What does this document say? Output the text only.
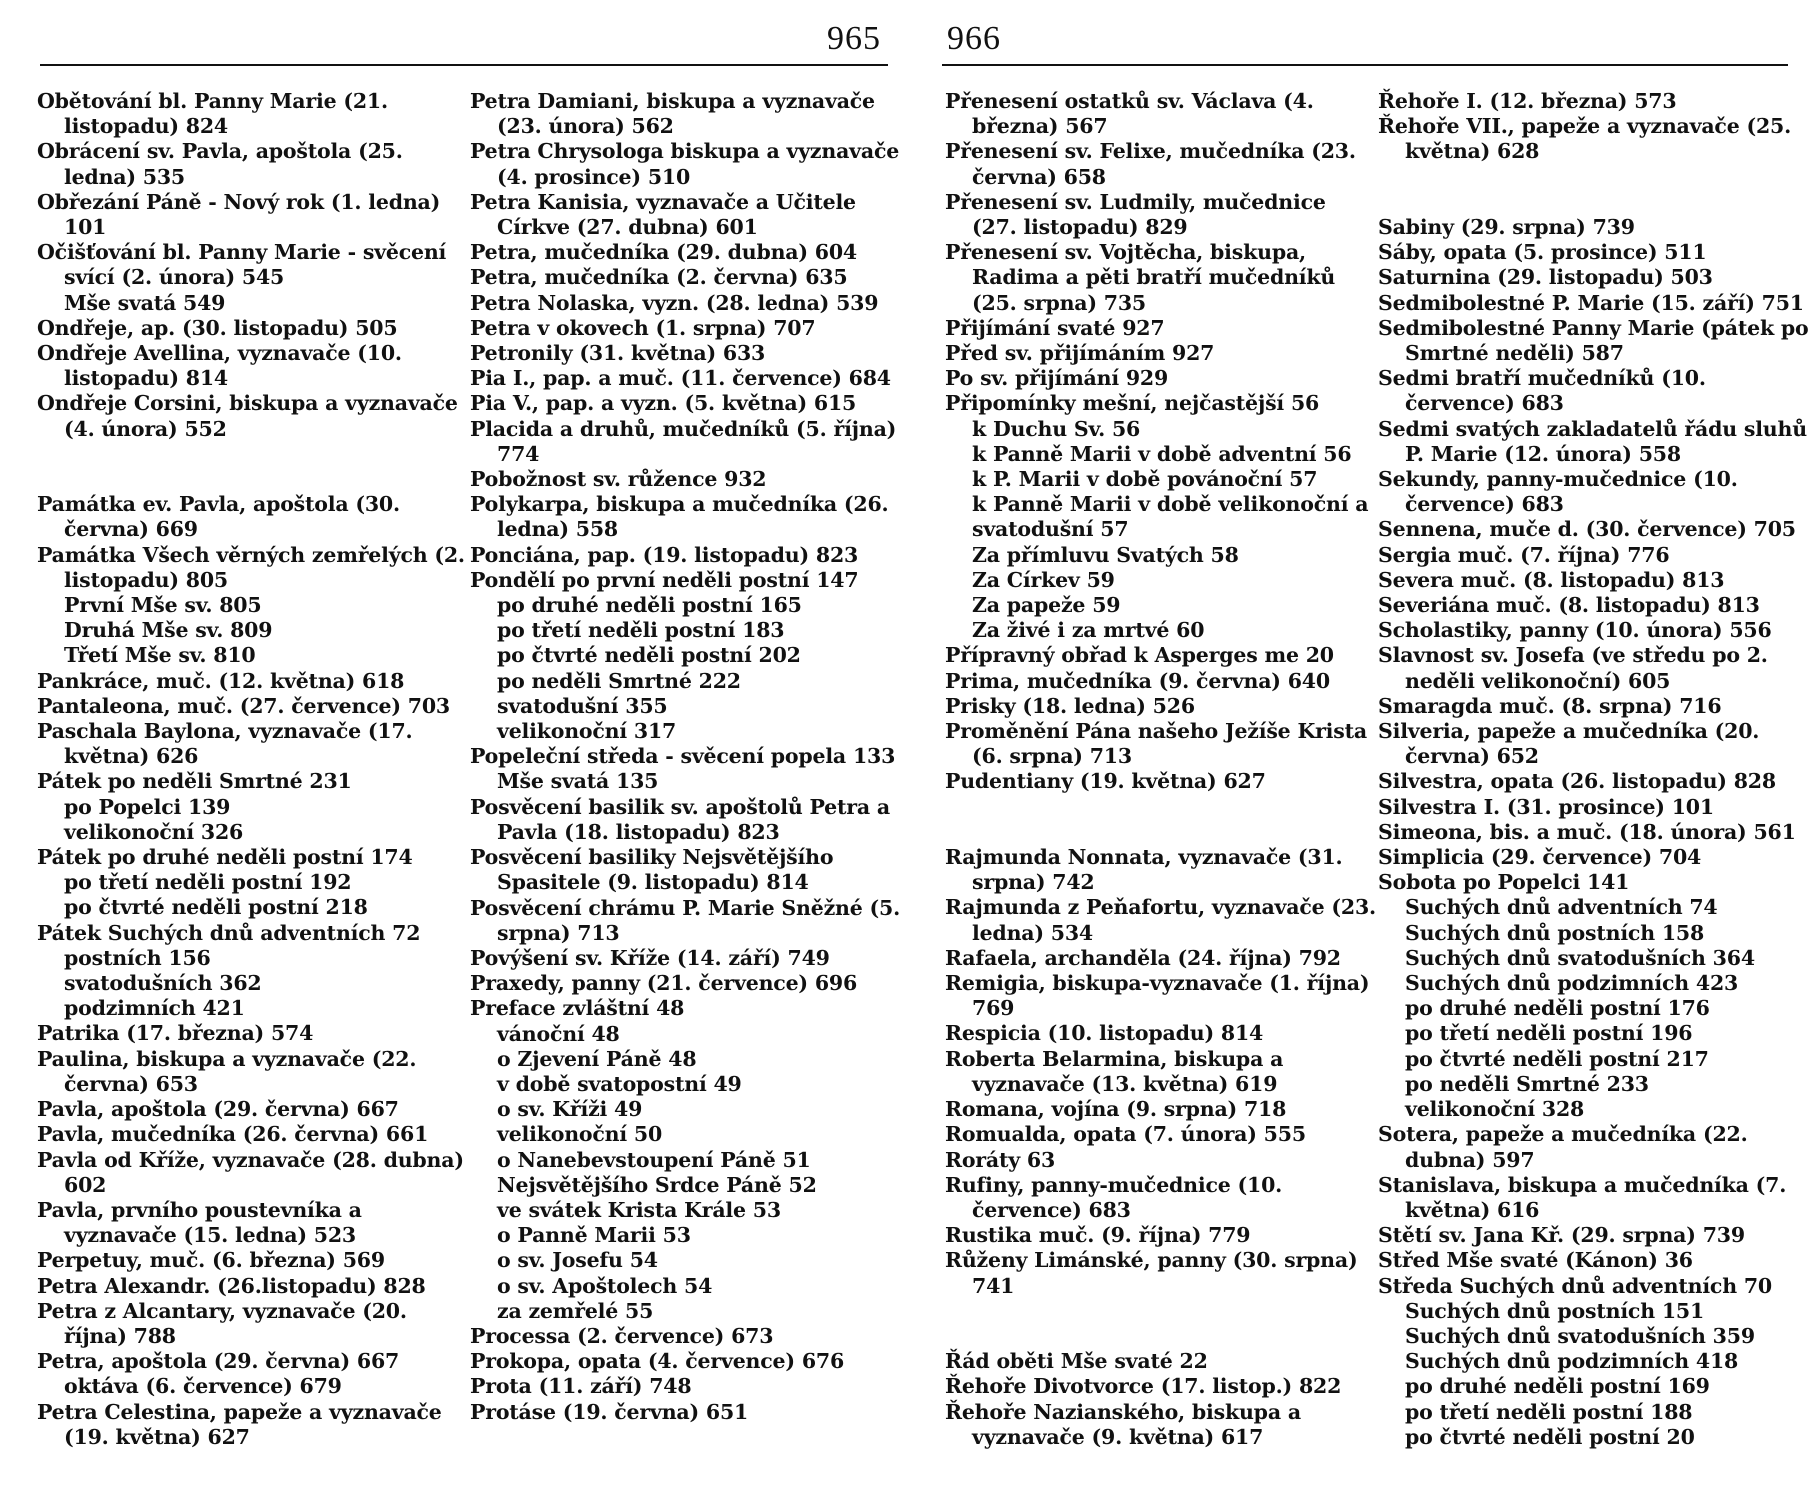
965 966
Obětování bl. Panny Marie (21. listopadu) 824
Obrácení sv. Pavla, apoštola (25. ledna) 535
Obřezání Páně - Nový rok (1. ledna) 101
Očišťování bl. Panny Marie - svěcení svící (2. února) 545
Mše svatá 549
Ondřeje, ap. (30. listopadu) 505
Ondřeje Avellina, vyznavače (10. listopadu) 814
Ondřeje Corsini, biskupa a vyznavače (4. února) 552
Památka ev. Pavla, apoštola (30. června) 669
Památka Všech věrných zemřelých (2. listopadu) 805
První Mše sv. 805
Druhá Mše sv. 809
Třetí Mše sv. 810
Pankráce, muč. (12. května) 618
Pantaleona, muč. (27. července) 703
Paschala Baylona, vyznavače (17. května) 626
Pátek po neděli Smrtné 231
po Popelci 139
velikonoční 326
Pátek po druhé neděli postní 174
po třetí neděli postní 192
po čtvrté neděli postní 218
Pátek Suchých dnů adventních 72
postních 156
svatodušních 362
podzimních 421
Patrika (17. března) 574
Paulina, biskupa a vyznavače (22. června) 653
Pavla, apoštola (29. června) 667
Pavla, mučedníka (26. června) 661
Pavla od Kříže, vyznavače (28. dubna) 602
Pavla, prvního poustevníka a vyznavače (15. ledna) 523
Perpetuy, muč. (6. března) 569
Petra Alexandr. (26.listopadu) 828
Petra z Alcantary, vyznavače (20. října) 788
Petra, apoštola (29. června) 667
oktáva (6. července) 679
Petra Celestina, papeže a vyznavače (19. května) 627
Petra Damiani, biskupa a vyznavače (23. února) 562
Petra Chrysologa biskupa a vyznavače (4. prosince) 510
Petra Kanisia, vyznavače a Učitele Církve (27. dubna) 601
Petra, mučedníka (29. dubna) 604
Petra, mučedníka (2. června) 635
Petra Nolaska, vyzn. (28. ledna) 539
Petra v okovech (1. srpna) 707
Petronily (31. května) 633
Pia I., pap. a muč. (11. července) 684
Pia V., pap. a vyzn. (5. května) 615
Placida a druhů, mučedníků (5. října) 774
Pobožnost sv. růžence 932
Polykarpa, biskupa a mučedníka (26. ledna) 558
Ponciána, pap. (19. listopadu) 823
Pondělí po první neděli postní 147
po druhé neděli postní 165
po třetí neděli postní 183
po čtvrté neděli postní 202
po neděli Smrtné 222
svatodušní 355
velikonoční 317
Popeleční středa - svěcení popela 133
Mše svatá 135
Posvěcení basilik sv. apoštolů Petra a Pavla (18. listopadu) 823
Posvěcení basiliky Nejsvětějšího Spasitele (9. listopadu) 814
Posvěcení chrámu P. Marie Sněžné (5. srpna) 713
Povýšení sv. Kříže (14. září) 749
Praxedy, panny (21. července) 696
Preface zvláštní 48
vánoční 48
o Zjevení Páně 48
v době svatopostní 49
o sv. Kříži 49
velikonoční 50
o Nanebevstoupení Páně 51
Nejsvětějšího Srdce Páně 52
ve svátek Krista Krále 53
o Panně Marii 53
o sv. Josefu 54
o sv. Apoštolech 54
za zemřelé 55
Processa (2. července) 673
Prokopa, opata (4. července) 676
Prota (11. září) 748
Protáse (19. června) 651
Přenesení ostatků sv. Václava (4. března) 567
Přenesení sv. Felixe, mučedníka (23. června) 658
Přenesení sv. Ludmily, mučednice (27. listopadu) 829
Přenesení sv. Vojtěcha, biskupa, Radima a pěti bratří mučedníků (25. srpna) 735
Přijímání svaté 927
Před sv. přijímáním 927
Po sv. přijímání 929
Připomínky mešní, nejčastější 56
k Duchu Sv. 56
k Panně Marii v době adventní 56
k P. Marii v době povánoční 57
k Panně Marii v době velikonoční a svatodušní 57
Za přímluvu Svatých 58
Za Církev 59
Za papeže 59
Za živé i za mrtvé 60
Přípravný obřad k Asperges me 20
Prima, mučedníka (9. června) 640
Prisky (18. ledna) 526
Proměnění Pána našeho Ježíše Krista (6. srpna) 713
Pudentiany (19. května) 627
Rajmunda Nonnata, vyznavače (31. srpna) 742
Rajmunda z Peňafortu, vyznavače (23. ledna) 534
Rafaela, archanděla (24. října) 792
Remigia, biskupa-vyznavače (1. října) 769
Respicia (10. listopadu) 814
Roberta Belarmina, biskupa a vyznavače (13. května) 619
Romana, vojína (9. srpna) 718
Romualda, opata (7. února) 555
Roráty 63
Rufiny, panny-mučednice (10. července) 683
Rustika muč. (9. října) 779
Růženy Limánské, panny (30. srpna) 741
Řád oběti Mše svaté 22
Řehoře Divotvorce (17. listop.) 822
Řehoře Nazianského, biskupa a vyznavače (9. května) 617
Řehoře I. (12. března) 573
Řehoře VII., papeže a vyznavače (25. května) 628
Sabiny (29. srpna) 739
Sáby, opata (5. prosince) 511
Saturnina (29. listopadu) 503
Sedmibolestné P. Marie (15. září) 751
Sedmibolestné Panny Marie (pátek po Smrtné neděli) 587
Sedmi bratří mučedníků (10. července) 683
Sedmi svatých zakladatelů řádu sluhů P. Marie (12. února) 558
Sekundy, panny-mučednice (10. července) 683
Sennena, muče d. (30. července) 705
Sergia muč. (7. října) 776
Severa muč. (8. listopadu) 813
Severiána muč. (8. listopadu) 813
Scholastiky, panny (10. února) 556
Slavnost sv. Josefa (ve středu po 2. neděli velikonoční) 605
Smaragda muč. (8. srpna) 716
Silveria, papeže a mučedníka (20. června) 652
Silvestra, opata (26. listopadu) 828
Silvestra I. (31. prosince) 101
Simeona, bis. a muč. (18. února) 561
Simplicia (29. července) 704
Sobota po Popelci 141
Suchých dnů adventních 74
Suchých dnů postních 158
Suchých dnů svatodušních 364
Suchých dnů podzimních 423
po druhé neděli postní 176
po třetí neděli postní 196
po čtvrté neděli postní 217
po neděli Smrtné 233
velikonoční 328
Sotera, papeže a mučedníka (22. dubna) 597
Stanislava, biskupa a mučedníka (7. května) 616
Stětí sv. Jana Kř. (29. srpna) 739
Střed Mše svaté (Kánon) 36
Středa Suchých dnů adventních 70
Suchých dnů postních 151
Suchých dnů svatodušních 359
Suchých dnů podzimních 418
po druhé neděli postní 169
po třetí neděli postní 188
po čtvrté neděli postní 20
